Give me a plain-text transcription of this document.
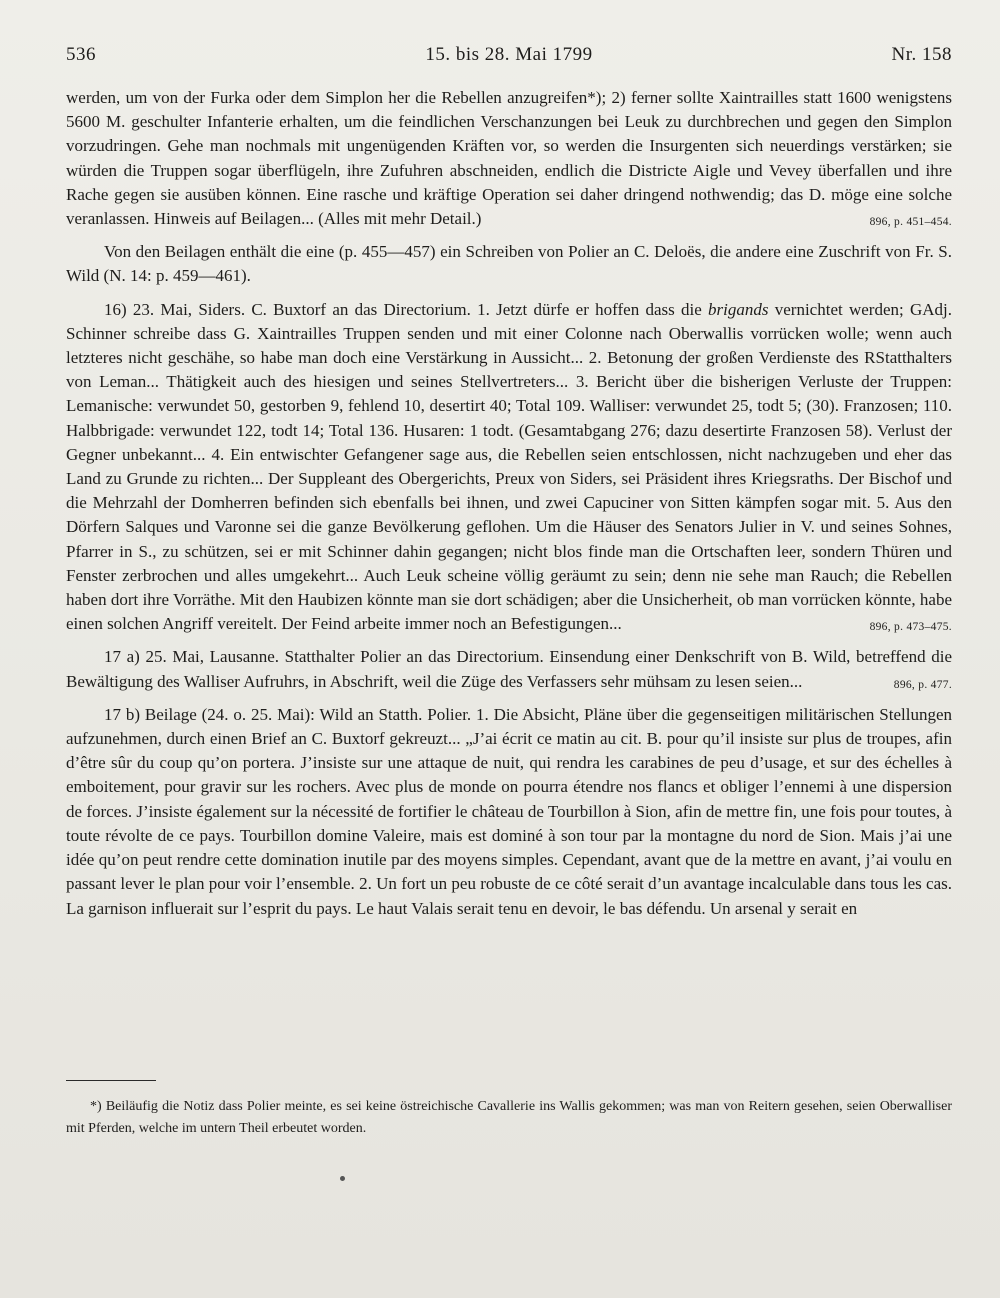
536	15. bis 28. Mai 1799	Nr. 158

werden, um von der Furka oder dem Simplon her die Rebellen anzugreifen*); 2) ferner sollte Xaintrailles statt 1600 wenigstens 5600 M. geschulter Infanterie erhalten, um die feindlichen Verschanzungen bei Leuk zu durchbrechen und gegen den Simplon vorzudringen. Gehe man nochmals mit ungenügenden Kräften vor, so werden die Insurgenten sich neuerdings verstärken; sie würden die Truppen sogar überflügeln, ihre Zufuhren abschneiden, endlich die Districte Aigle und Vevey überfallen und ihre Rache gegen sie ausüben können. Eine rasche und kräftige Operation sei daher dringend nothwendig; das D. möge eine solche veranlassen. Hinweis auf Beilagen... (Alles mit mehr Detail.)	896, p. 451–454.

Von den Beilagen enthält die eine (p. 455—457) ein Schreiben von Polier an C. Deloës, die andere eine Zuschrift von Fr. S. Wild (N. 14: p. 459—461).

16) 23. Mai, Siders. C. Buxtorf an das Directorium. 1. Jetzt dürfe er hoffen dass die brigands vernichtet werden; GAdj. Schinner schreibe dass G. Xaintrailles Truppen senden und mit einer Colonne nach Oberwallis vorrücken wolle; wenn auch letzteres nicht geschähe, so habe man doch eine Verstärkung in Aussicht... 2. Betonung der großen Verdienste des RStatthalters von Leman... Thätigkeit auch des hiesigen und seines Stellvertreters... 3. Bericht über die bisherigen Verluste der Truppen: Lemanische: verwundet 50, gestorben 9, fehlend 10, desertirt 40; Total 109. Walliser: verwundet 25, todt 5; (30). Franzosen; 110. Halbbrigade: verwundet 122, todt 14; Total 136. Husaren: 1 todt. (Gesamtabgang 276; dazu desertirte Franzosen 58). Verlust der Gegner unbekannt... 4. Ein entwischter Gefangener sage aus, die Rebellen seien entschlossen, nicht nachzugeben und eher das Land zu Grunde zu richten... Der Suppleant des Obergerichts, Preux von Siders, sei Präsident ihres Kriegsraths. Der Bischof und die Mehrzahl der Domherren befinden sich ebenfalls bei ihnen, und zwei Capuciner von Sitten kämpfen sogar mit. 5. Aus den Dörfern Salques und Varonne sei die ganze Bevölkerung geflohen. Um die Häuser des Senators Julier in V. und seines Sohnes, Pfarrer in S., zu schützen, sei er mit Schinner dahin gegangen; nicht blos finde man die Ortschaften leer, sondern Thüren und Fenster zerbrochen und alles umgekehrt... Auch Leuk scheine völlig geräumt zu sein; denn nie sehe man Rauch; die Rebellen haben dort ihre Vorräthe. Mit den Haubizen könnte man sie dort schädigen; aber die Unsicherheit, ob man vorrücken könnte, habe einen solchen Angriff vereitelt. Der Feind arbeite immer noch an Befestigungen...	896, p. 473–475.

17 a) 25. Mai, Lausanne. Statthalter Polier an das Directorium. Einsendung einer Denkschrift von B. Wild, betreffend die Bewältigung des Walliser Aufruhrs, in Abschrift, weil die Züge des Verfassers sehr mühsam zu lesen seien...	896, p. 477.

17 b) Beilage (24. o. 25. Mai): Wild an Statth. Polier. 1. Die Absicht, Pläne über die gegenseitigen militärischen Stellungen aufzunehmen, durch einen Brief an C. Buxtorf gekreuzt... „J’ai écrit ce matin au cit. B. pour qu’il insiste sur plus de troupes, afin d’être sûr du coup qu’on portera. J’insiste sur une attaque de nuit, qui rendra les carabines de peu d’usage, et sur des échelles à emboitement, pour gravir sur les rochers. Avec plus de monde on pourra étendre nos flancs et obliger l’ennemi à une dispersion de forces. J’insiste également sur la nécessité de fortifier le château de Tourbillon à Sion, afin de mettre fin, une fois pour toutes, à toute révolte de ce pays. Tourbillon domine Valeire, mais est dominé à son tour par la montagne du nord de Sion. Mais j’ai une idée qu’on peut rendre cette domination inutile par des moyens simples. Cependant, avant que de la mettre en avant, j’ai voulu en passant lever le plan pour voir l’ensemble. 2. Un fort un peu robuste de ce côté serait d’un avantage incalculable dans tous les cas. La garnison influerait sur l’esprit du pays. Le haut Valais serait tenu en devoir, le bas défendu. Un arsenal y serait en

*) Beiläufig die Notiz dass Polier meinte, es sei keine östreichische Cavallerie ins Wallis gekommen; was man von Reitern gesehen, seien Oberwalliser mit Pferden, welche im untern Theil erbeutet worden.
